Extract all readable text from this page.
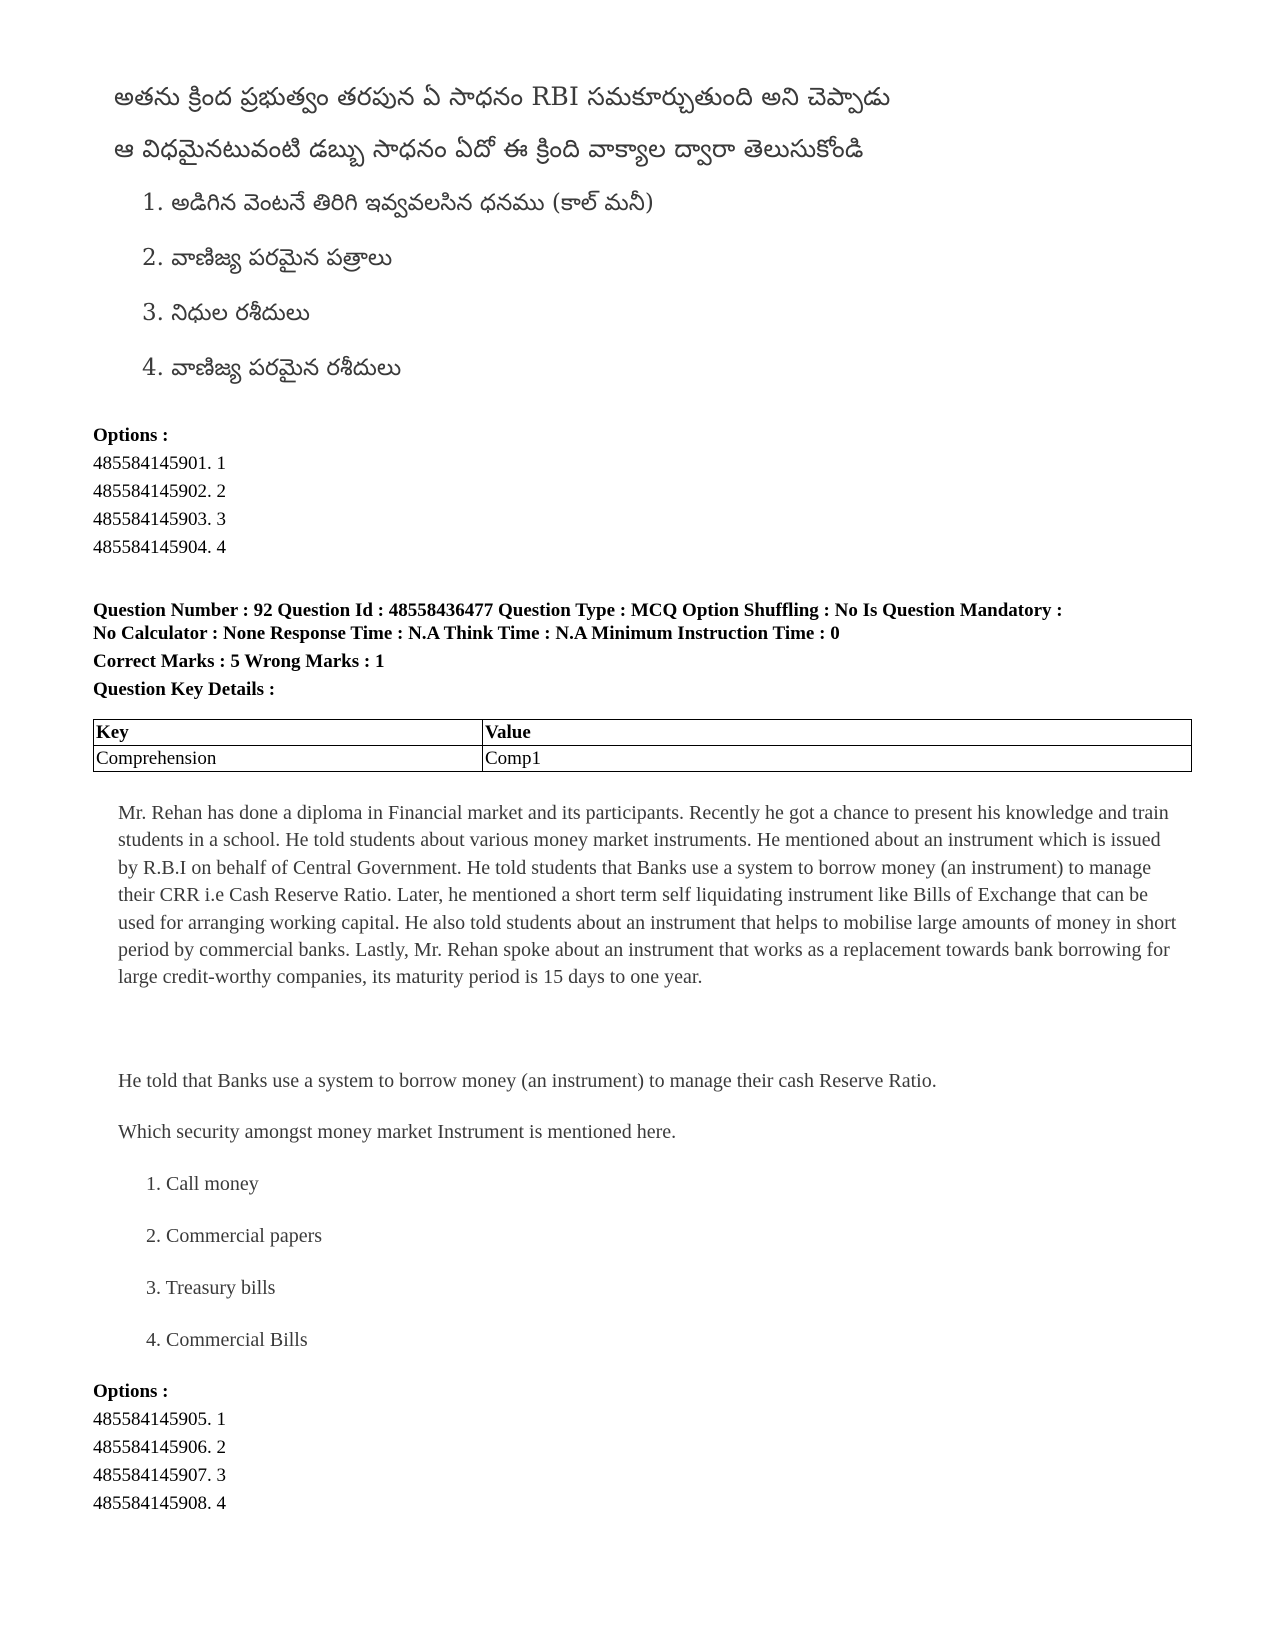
అతను క్రింద ప్రభుత్వం తరపున ఏ సాధనం RBI సమకూర్చుతుంది అని చెప్పాడు
ఆ విధమైనటువంటి డబ్బు సాధనం ఏదో ఈ క్రింది వాక్యాల ద్వారా తెలుసుకోండి
1. అడిగిన వెంటనే తిరిగి ఇవ్వవలసిన ధనము (కాల్ మనీ)
2. వాణిజ్య పరమైన పత్రాలు
3. నిధుల రశీదులు
4. వాణిజ్య పరమైన రశీదులు
Options :
485584145901. 1
485584145902. 2
485584145903. 3
485584145904. 4
Question Number : 92 Question Id : 48558436477 Question Type : MCQ Option Shuffling : No Is Question Mandatory :
No Calculator : None Response Time : N.A Think Time : N.A Minimum Instruction Time : 0
Correct Marks : 5 Wrong Marks : 1
Question Key Details :
Key	Value
Comprehension	Comp1
Mr. Rehan has done a diploma in Financial market and its participants. Recently he got a chance to present his knowledge and train students in a school. He told students about various money market instruments. He mentioned about an instrument which is issued by R.B.I on behalf of Central Government. He told students that Banks use a system to borrow money (an instrument) to manage their CRR i.e Cash Reserve Ratio. Later, he mentioned a short term self liquidating instrument like Bills of Exchange that can be used for arranging working capital. He also told students about an instrument that helps to mobilise large amounts of money in short period by commercial banks. Lastly, Mr. Rehan spoke about an instrument that works as a replacement towards bank borrowing for large credit-worthy companies, its maturity period is 15 days to one year.
He told that Banks use a system to borrow money (an instrument) to manage their cash Reserve Ratio.
Which security amongst money market Instrument is mentioned here.
1. Call money
2. Commercial papers
3. Treasury bills
4. Commercial Bills
Options :
485584145905. 1
485584145906. 2
485584145907. 3
485584145908. 4
